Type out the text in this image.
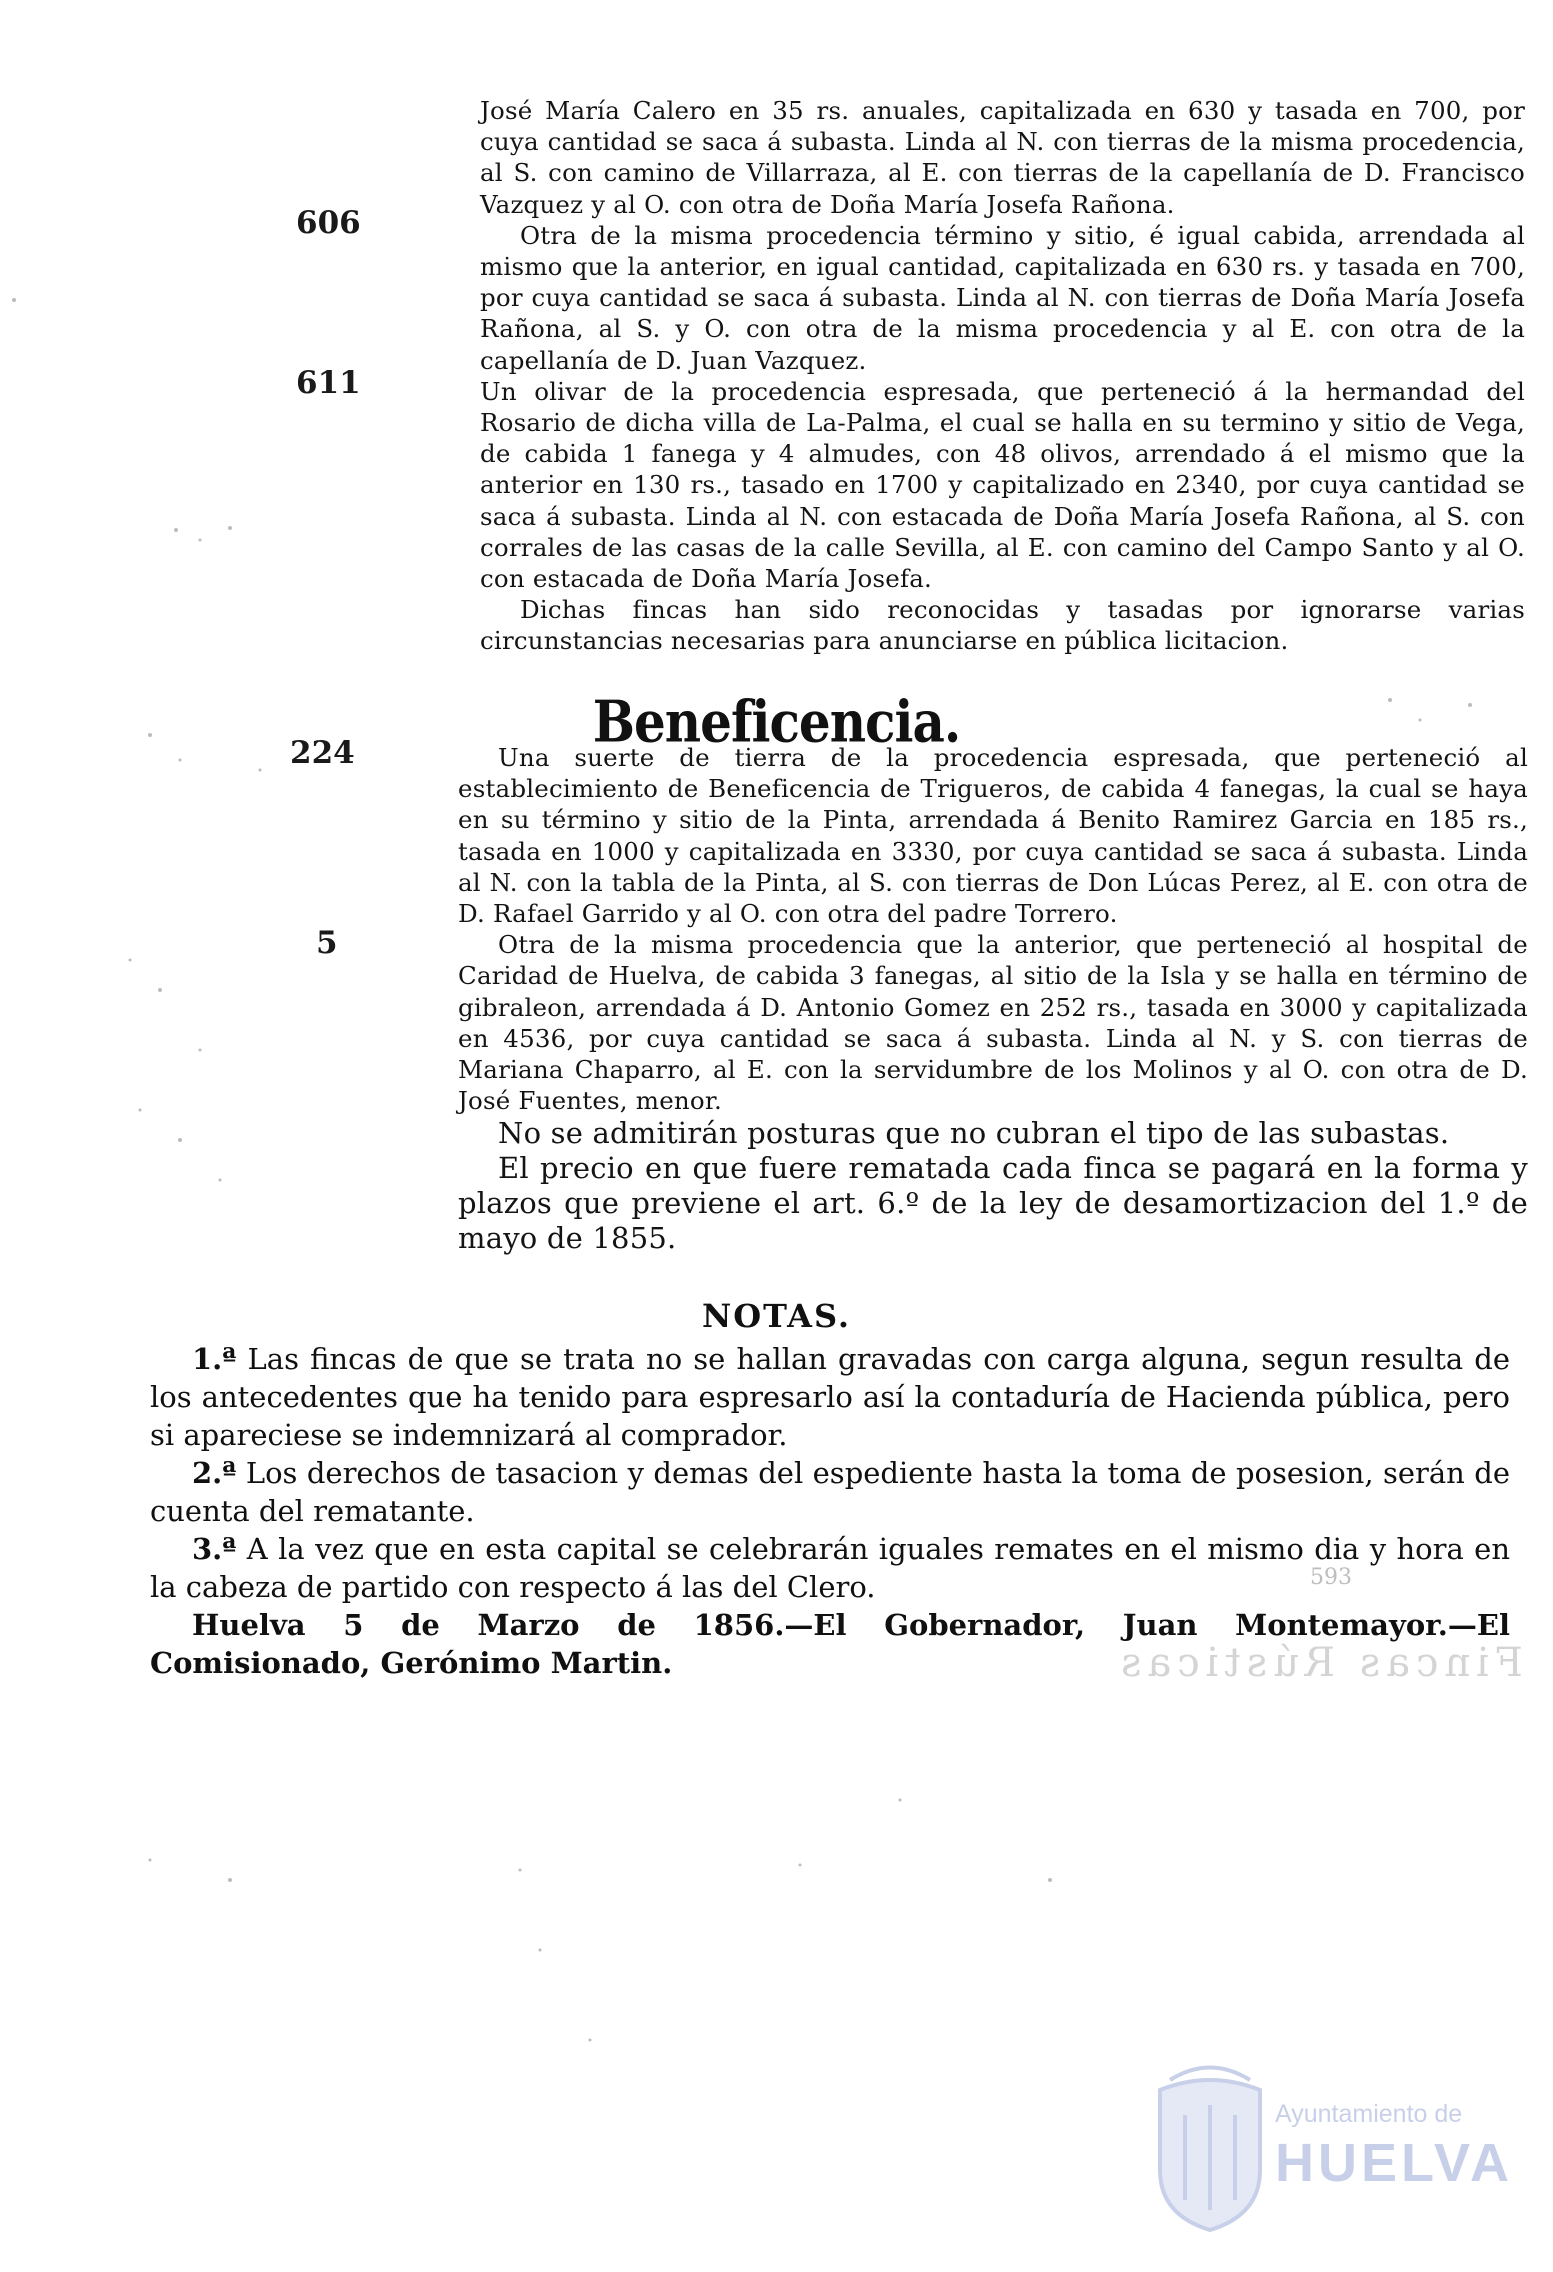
Fincas Rústicas
593
606
611
224
5

José María Calero en 35 rs. anuales, capitalizada en 630 y tasada en 700, por cuya cantidad se saca á subasta. Linda al N. con tierras de la misma procedencia, al S. con camino de Villarraza, al E. con tierras de la capellanía de D. Francisco Vazquez y al O. con otra de Doña María Josefa Rañona.

Otra de la misma procedencia término y sitio, é igual cabida, arrendada al mismo que la anterior, en igual cantidad, capitalizada en 630 rs. y tasada en 700, por cuya cantidad se saca á subasta. Linda al N. con tierras de Doña María Josefa Rañona, al S. y O. con otra de la misma procedencia y al E. con otra de la capellanía de D. Juan Vazquez.

Un olivar de la procedencia espresada, que perteneció á la hermandad del Rosario de dicha villa de La-Palma, el cual se halla en su termino y sitio de Vega, de cabida 1 fanega y 4 almudes, con 48 olivos, arrendado á el mismo que la anterior en 130 rs., tasado en 1700 y capitalizado en 2340, por cuya cantidad se saca á subasta. Linda al N. con estacada de Doña María Josefa Rañona, al S. con corrales de las casas de la calle Sevilla, al E. con camino del Campo Santo y al O. con estacada de Doña María Josefa.

Dichas fincas han sido reconocidas y tasadas por ignorarse varias circunstancias necesarias para anunciarse en pública licitacion.

Beneficencia.

Una suerte de tierra de la procedencia espresada, que perteneció al establecimiento de Beneficencia de Trigueros, de cabida 4 fanegas, la cual se haya en su término y sitio de la Pinta, arrendada á Benito Ramirez Garcia en 185 rs., tasada en 1000 y capitalizada en 3330, por cuya cantidad se saca á subasta. Linda al N. con la tabla de la Pinta, al S. con tierras de Don Lúcas Perez, al E. con otra de D. Rafael Garrido y al O. con otra del padre Torrero.

Otra de la misma procedencia que la anterior, que perteneció al hospital de Caridad de Huelva, de cabida 3 fanegas, al sitio de la Isla y se halla en término de gibraleon, arrendada á D. Antonio Gomez en 252 rs., tasada en 3000 y capitalizada en 4536, por cuya cantidad se saca á subasta. Linda al N. y S. con tierras de Mariana Chaparro, al E. con la servidumbre de los Molinos y al O. con otra de D. José Fuentes, menor.

No se admitirán posturas que no cubran el tipo de las subastas.

El precio en que fuere rematada cada finca se pagará en la forma y plazos que previene el art. 6.º de la ley de desamortizacion del 1.º de mayo de 1855.

NOTAS.

1.ª Las fincas de que se trata no se hallan gravadas con carga alguna, segun resulta de los antecedentes que ha tenido para espresarlo así la contaduría de Hacienda pública, pero si apareciese se indemnizará al comprador.

2.ª Los derechos de tasacion y demas del espediente hasta la toma de posesion, serán de cuenta del rematante.

3.ª A la vez que en esta capital se celebrarán iguales remates en el mismo dia y hora en la cabeza de partido con respecto á las del Clero.

Huelva 5 de Marzo de 1856.—El Gobernador, Juan Montemayor.—El Comisionado, Gerónimo Martin.

Ayuntamiento de
HUELVA
